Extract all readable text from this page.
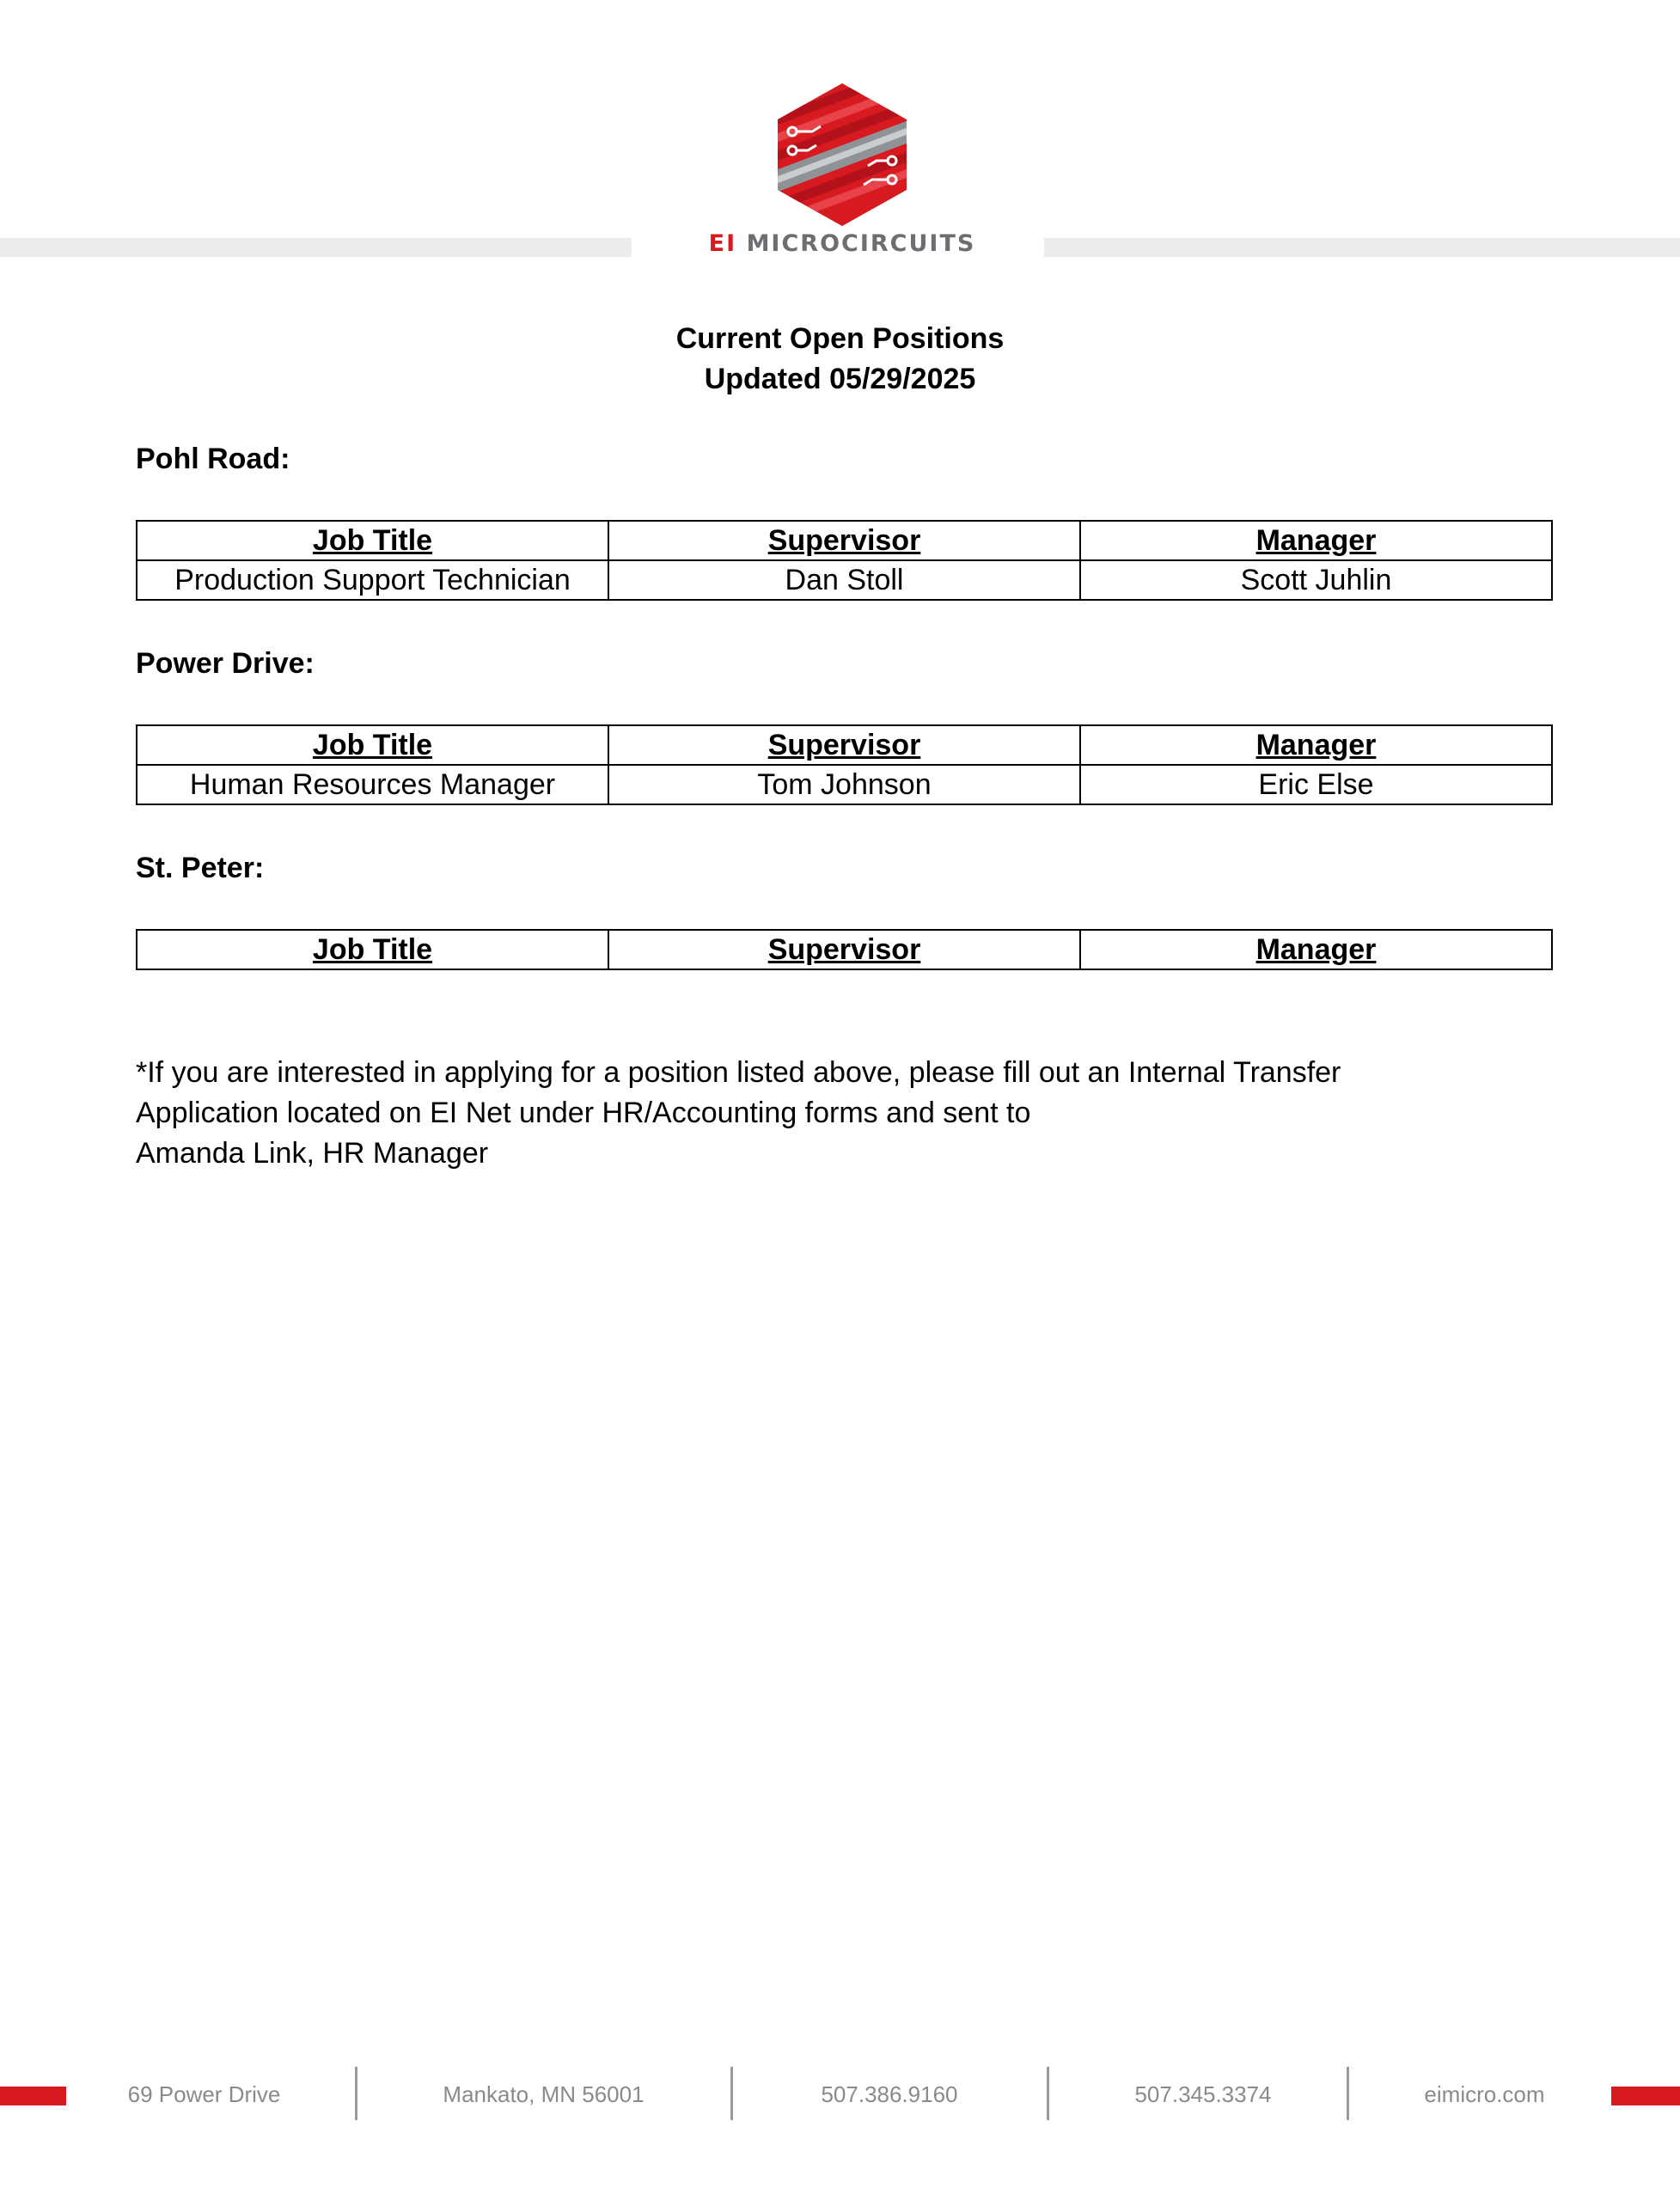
EI MICROCIRCUITS
Current Open Positions
Updated 05/29/2025
Pohl Road:
Job Title	Supervisor	Manager
Production Support Technician	Dan Stoll	Scott Juhlin
Power Drive:
Job Title	Supervisor	Manager
Human Resources Manager	Tom Johnson	Eric Else
St. Peter:
Job Title	Supervisor	Manager
*If you are interested in applying for a position listed above, please fill out an Internal Transfer
Application located on EI Net under HR/Accounting forms and sent to
Amanda Link, HR Manager
69 Power Drive	Mankato, MN 56001	507.386.9160	507.345.3374	eimicro.com
